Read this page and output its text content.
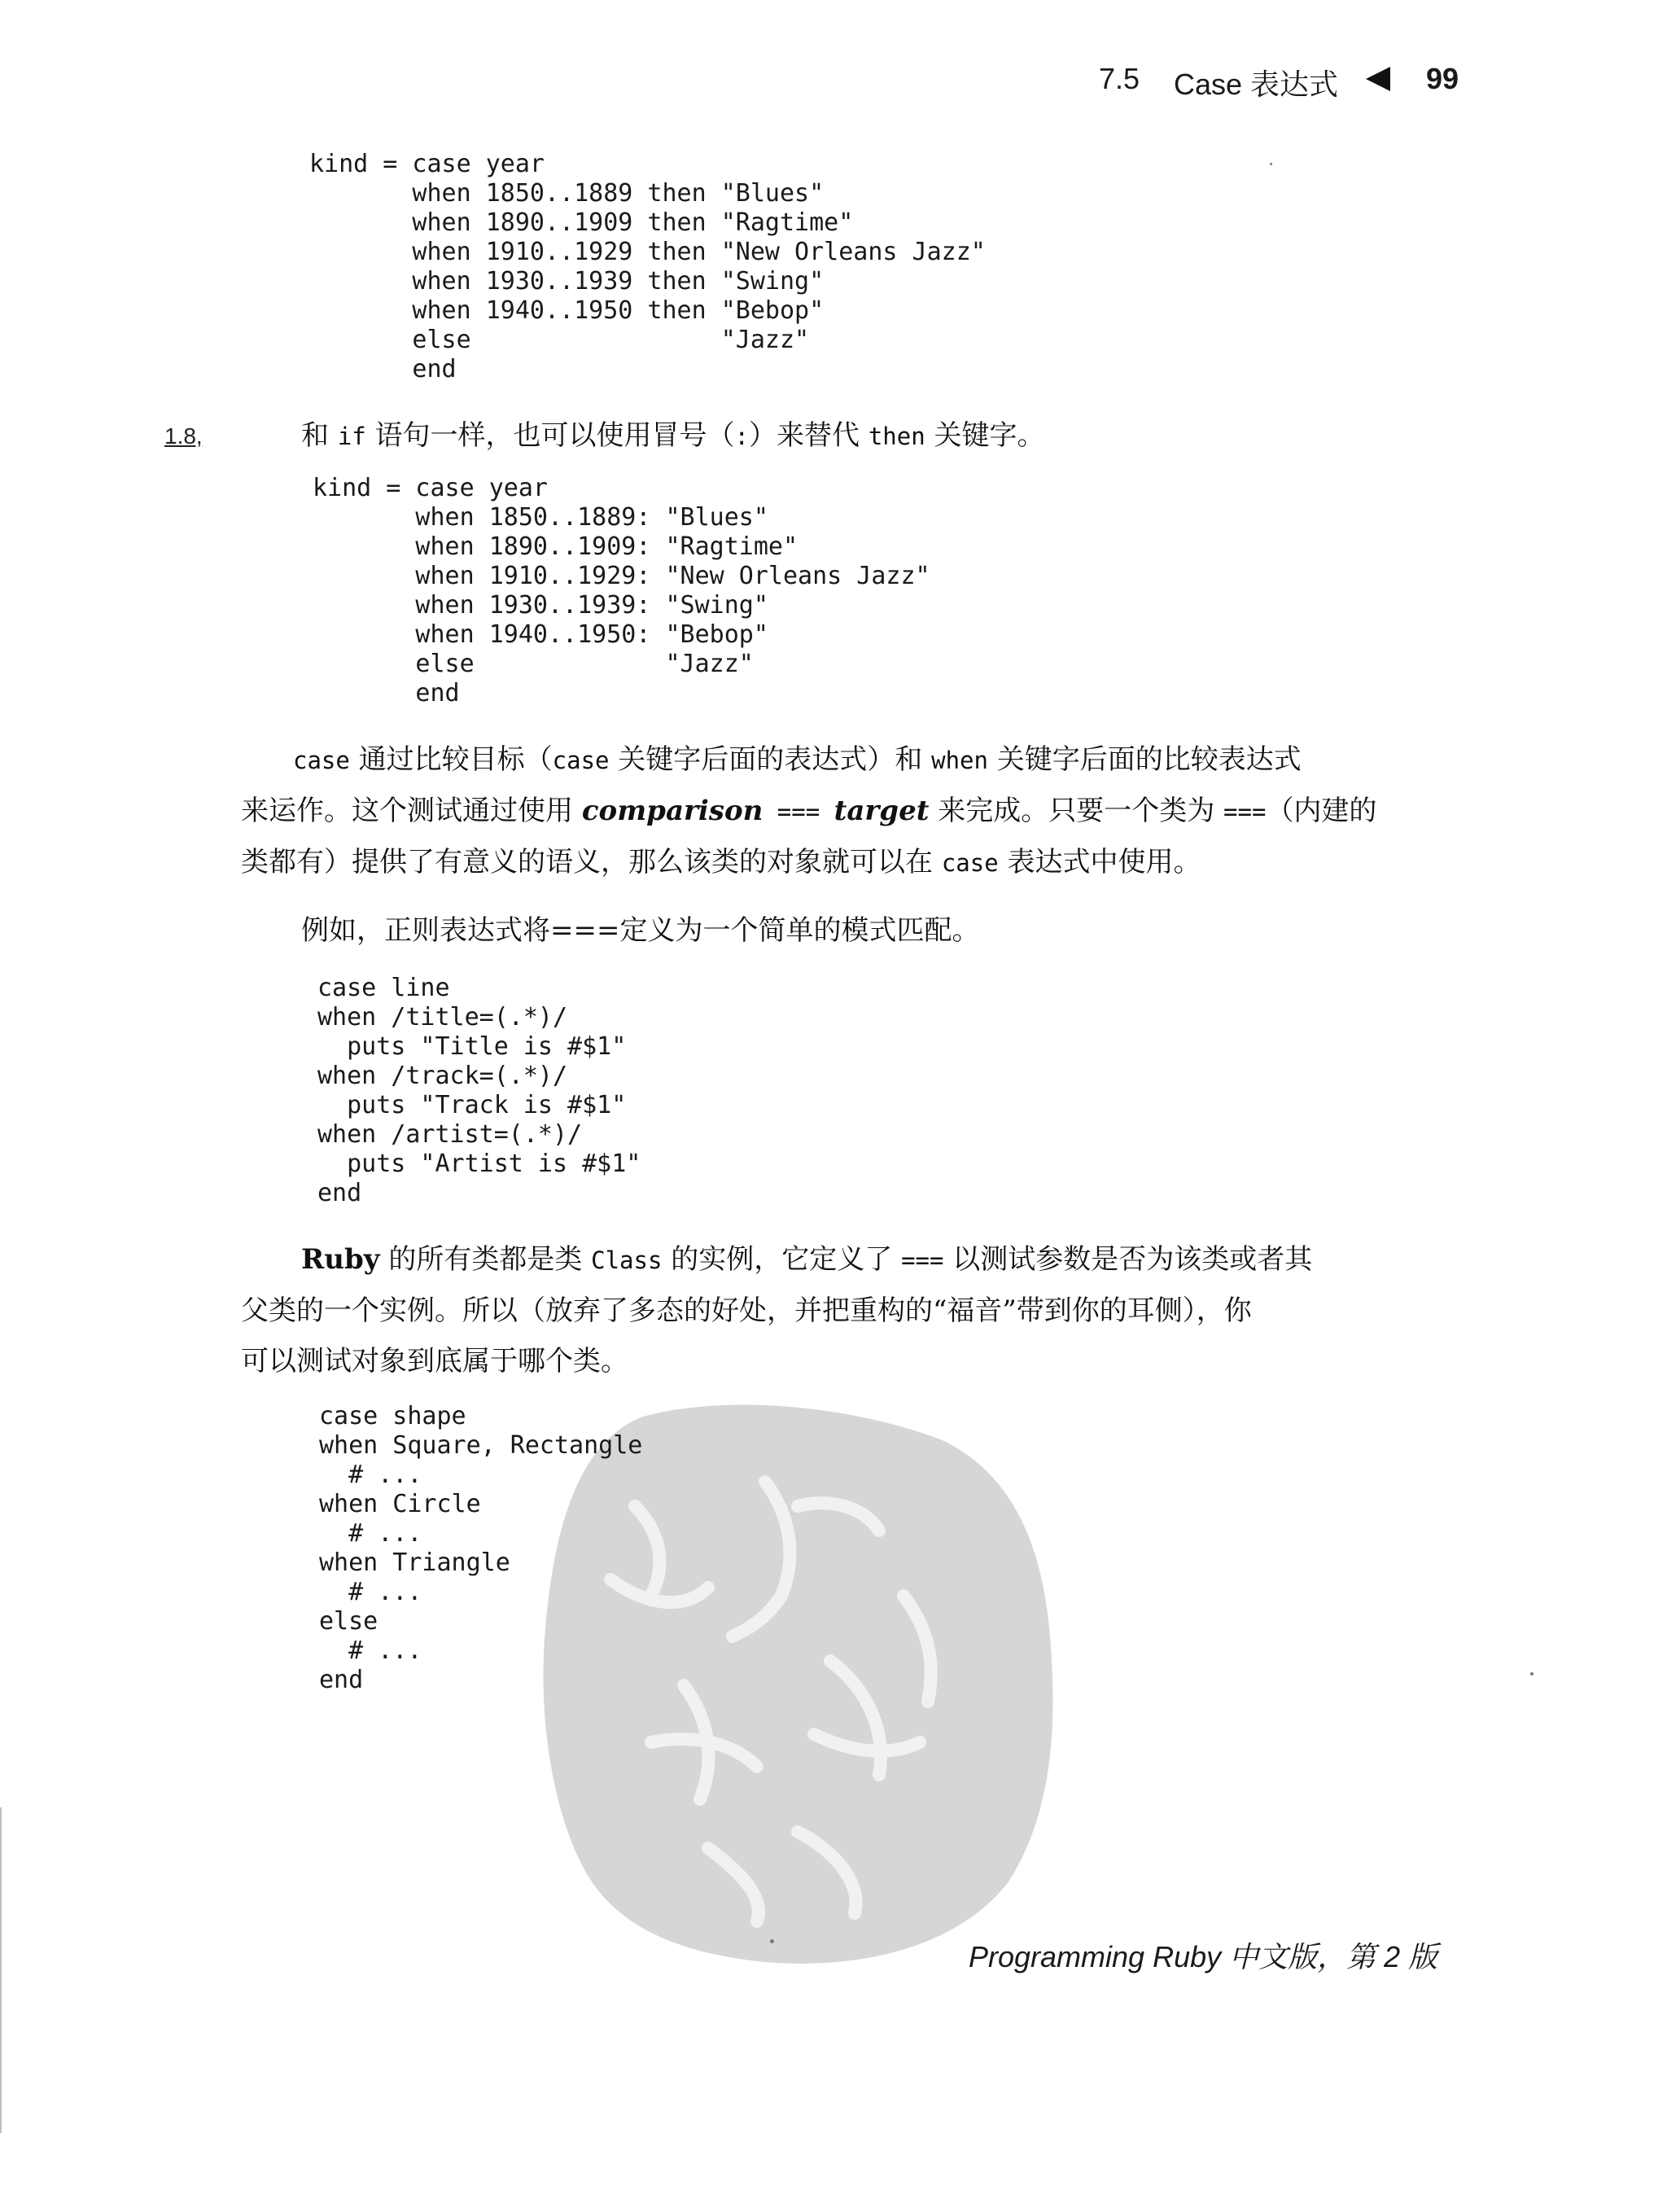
7.5 Case 表达式	99
kind = case year
when 1850..1889 then "Blues"
when 1890..1909 then "Ragtime"
when 1910..1929 then "New Orleans Jazz"
when 1930..1939 then "Swing"
when 1940..1950 then "Bebop"
else                 "Jazz"
end
1.8,	和 if 语句一样，也可以使用冒号（:）来替代 then 关键字。

kind = case year
when 1850..1889: "Blues"
when 1890..1909: "Ragtime"
when 1910..1929: "New Orleans Jazz"
when 1930..1939: "Swing"
when 1940..1950: "Bebop"
else             "Jazz"
end
case 通过比较目标（case 关键字后面的表达式）和 when 关键字后面的比较表达式
来运作。这个测试通过使用 comparison === target 来完成。只要一个类为 ===（内建的
类都有）提供了有意义的语义，那么该类的对象就可以在 case 表达式中使用。

例如，正则表达式将===定义为一个简单的模式匹配。

case line
when /title=(.*)/
puts "Title is #$1"
when /track=(.*)/
puts "Track is #$1"
when /artist=(.*)/
puts "Artist is #$1"
end
Ruby 的所有类都是类 Class 的实例，它定义了 === 以测试参数是否为该类或者其
父类的一个实例。所以（放弃了多态的好处，并把重构的“福音”带到你的耳侧），你
可以测试对象到底属于哪个类。
case shape
when Square, Rectangle
# ...
when Circle
# ...
when Triangle
# ...
else
# ...
end
Programming Ruby 中文版，第 2 版
